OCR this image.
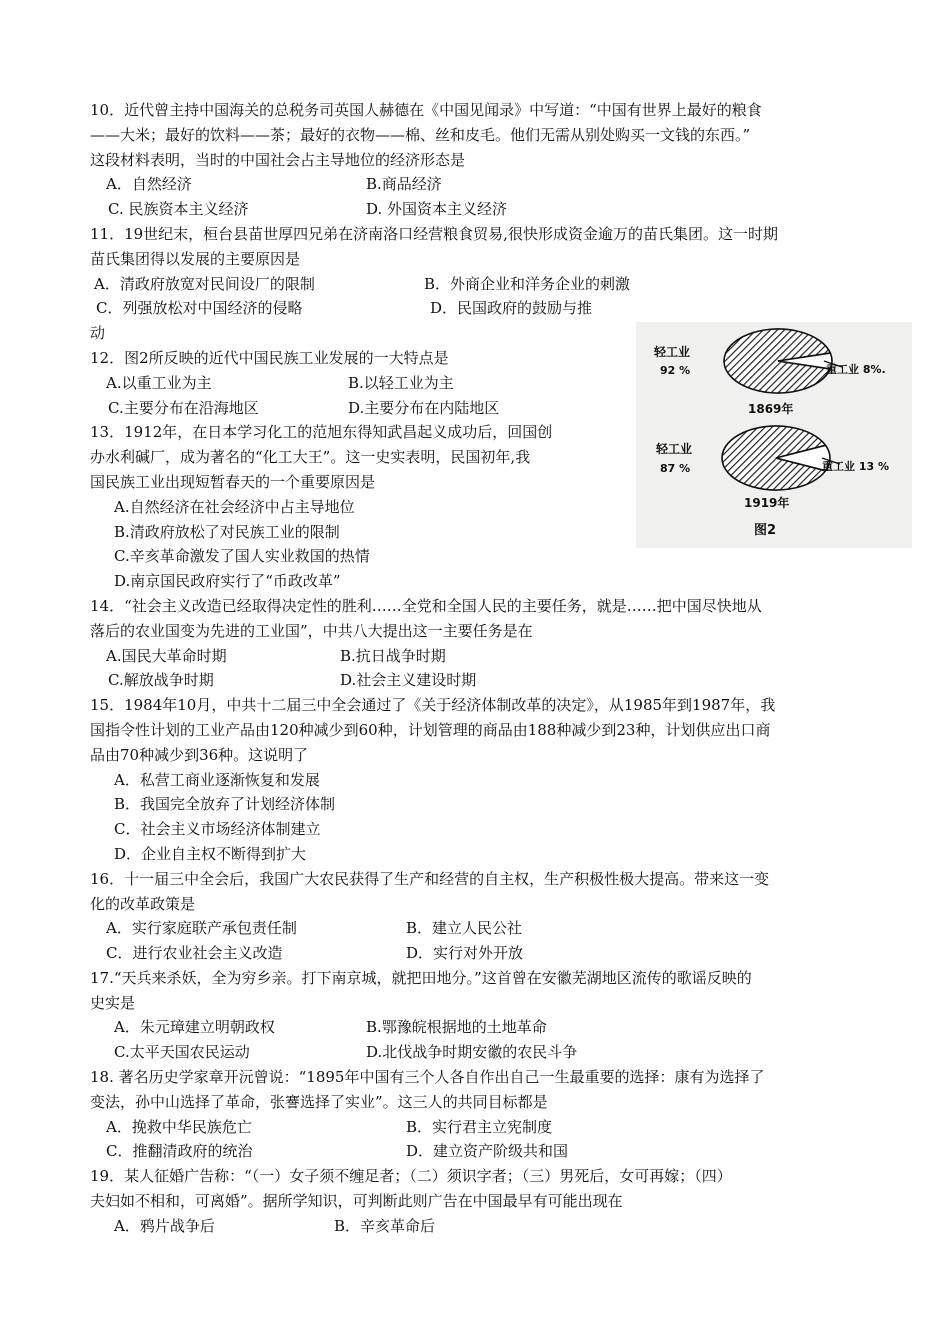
10．近代曾主持中国海关的总税务司英国人赫德在《中国见闻录》中写道：“中国有世界上最好的粮食
——大米；最好的饮料——茶；最好的衣物——棉、丝和皮毛。他们无需从别处购买一文钱的东西。”
这段材料表明，当时的中国社会占主导地位的经济形态是
A．自然经济	B.商品经济
C. 民族资本主义经济	D. 外国资本主义经济
11．19世纪末，桓台县苗世厚四兄弟在济南洛口经营粮食贸易,很快形成资金逾万的苗氏集团。这一时期
苗氏集团得以发展的主要原因是
A．清政府放宽对民间设厂的限制	B．外商企业和洋务企业的刺激
C．列强放松对中国经济的侵略	D．民国政府的鼓励与推
动
12．图2所反映的近代中国民族工业发展的一大特点是
A.以重工业为主	B.以轻工业为主
C.主要分布在沿海地区	D.主要分布在内陆地区
13．1912年，在日本学习化工的范旭东得知武昌起义成功后，回国创
办水利碱厂，成为著名的“化工大王”。这一史实表明，民国初年,我
国民族工业出现短暂春天的一个重要原因是
A.自然经济在社会经济中占主导地位
B.清政府放松了对民族工业的限制
C.辛亥革命激发了国人实业救国的热情
D.南京国民政府实行了“币政改革”
14．“社会主义改造已经取得决定性的胜利……全党和全国人民的主要任务，就是……把中国尽快地从
落后的农业国变为先进的工业国”，中共八大提出这一主要任务是在
A.国民大革命时期	B.抗日战争时期
C.解放战争时期	D.社会主义建设时期
15．1984年10月，中共十二届三中全会通过了《关于经济体制改革的决定》，从1985年到1987年，我
国指令性计划的工业产品由120种减少到60种，计划管理的商品由188种减少到23种，计划供应出口商
品由70种减少到36种。这说明了
A．私营工商业逐渐恢复和发展
B．我国完全放弃了计划经济体制
C．社会主义市场经济体制建立
D．企业自主权不断得到扩大
16．十一届三中全会后，我国广大农民获得了生产和经营的自主权，生产积极性极大提高。带来这一变
化的改革政策是
A．实行家庭联产承包责任制	B．建立人民公社
C．进行农业社会主义改造	D．实行对外开放
17.“天兵来杀妖，全为穷乡亲。打下南京城，就把田地分。”这首曾在安徽芜湖地区流传的歌谣反映的
史实是
A．朱元璋建立明朝政权	B.鄂豫皖根据地的土地革命
C.太平天国农民运动	D.北伐战争时期安徽的农民斗争
18. 著名历史学家章开沅曾说：“1895年中国有三个人各自作出自己一生最重要的选择：康有为选择了
变法，孙中山选择了革命，张謇选择了实业”。这三人的共同目标都是
A．挽救中华民族危亡	B．实行君主立宪制度
C．推翻清政府的统治	D．建立资产阶级共和国
19．某人征婚广告称：“（一）女子须不缠足者；（二）须识字者；（三）男死后，女可再嫁；（四）
夫妇如不相和，可离婚”。据所学知识，可判断此则广告在中国最早有可能出现在
A．鸦片战争后	B．辛亥革命后
轻工业
92 %	重工业 8%.
1869年
轻工业
87 %	重工业 13 %
1919年
图2
